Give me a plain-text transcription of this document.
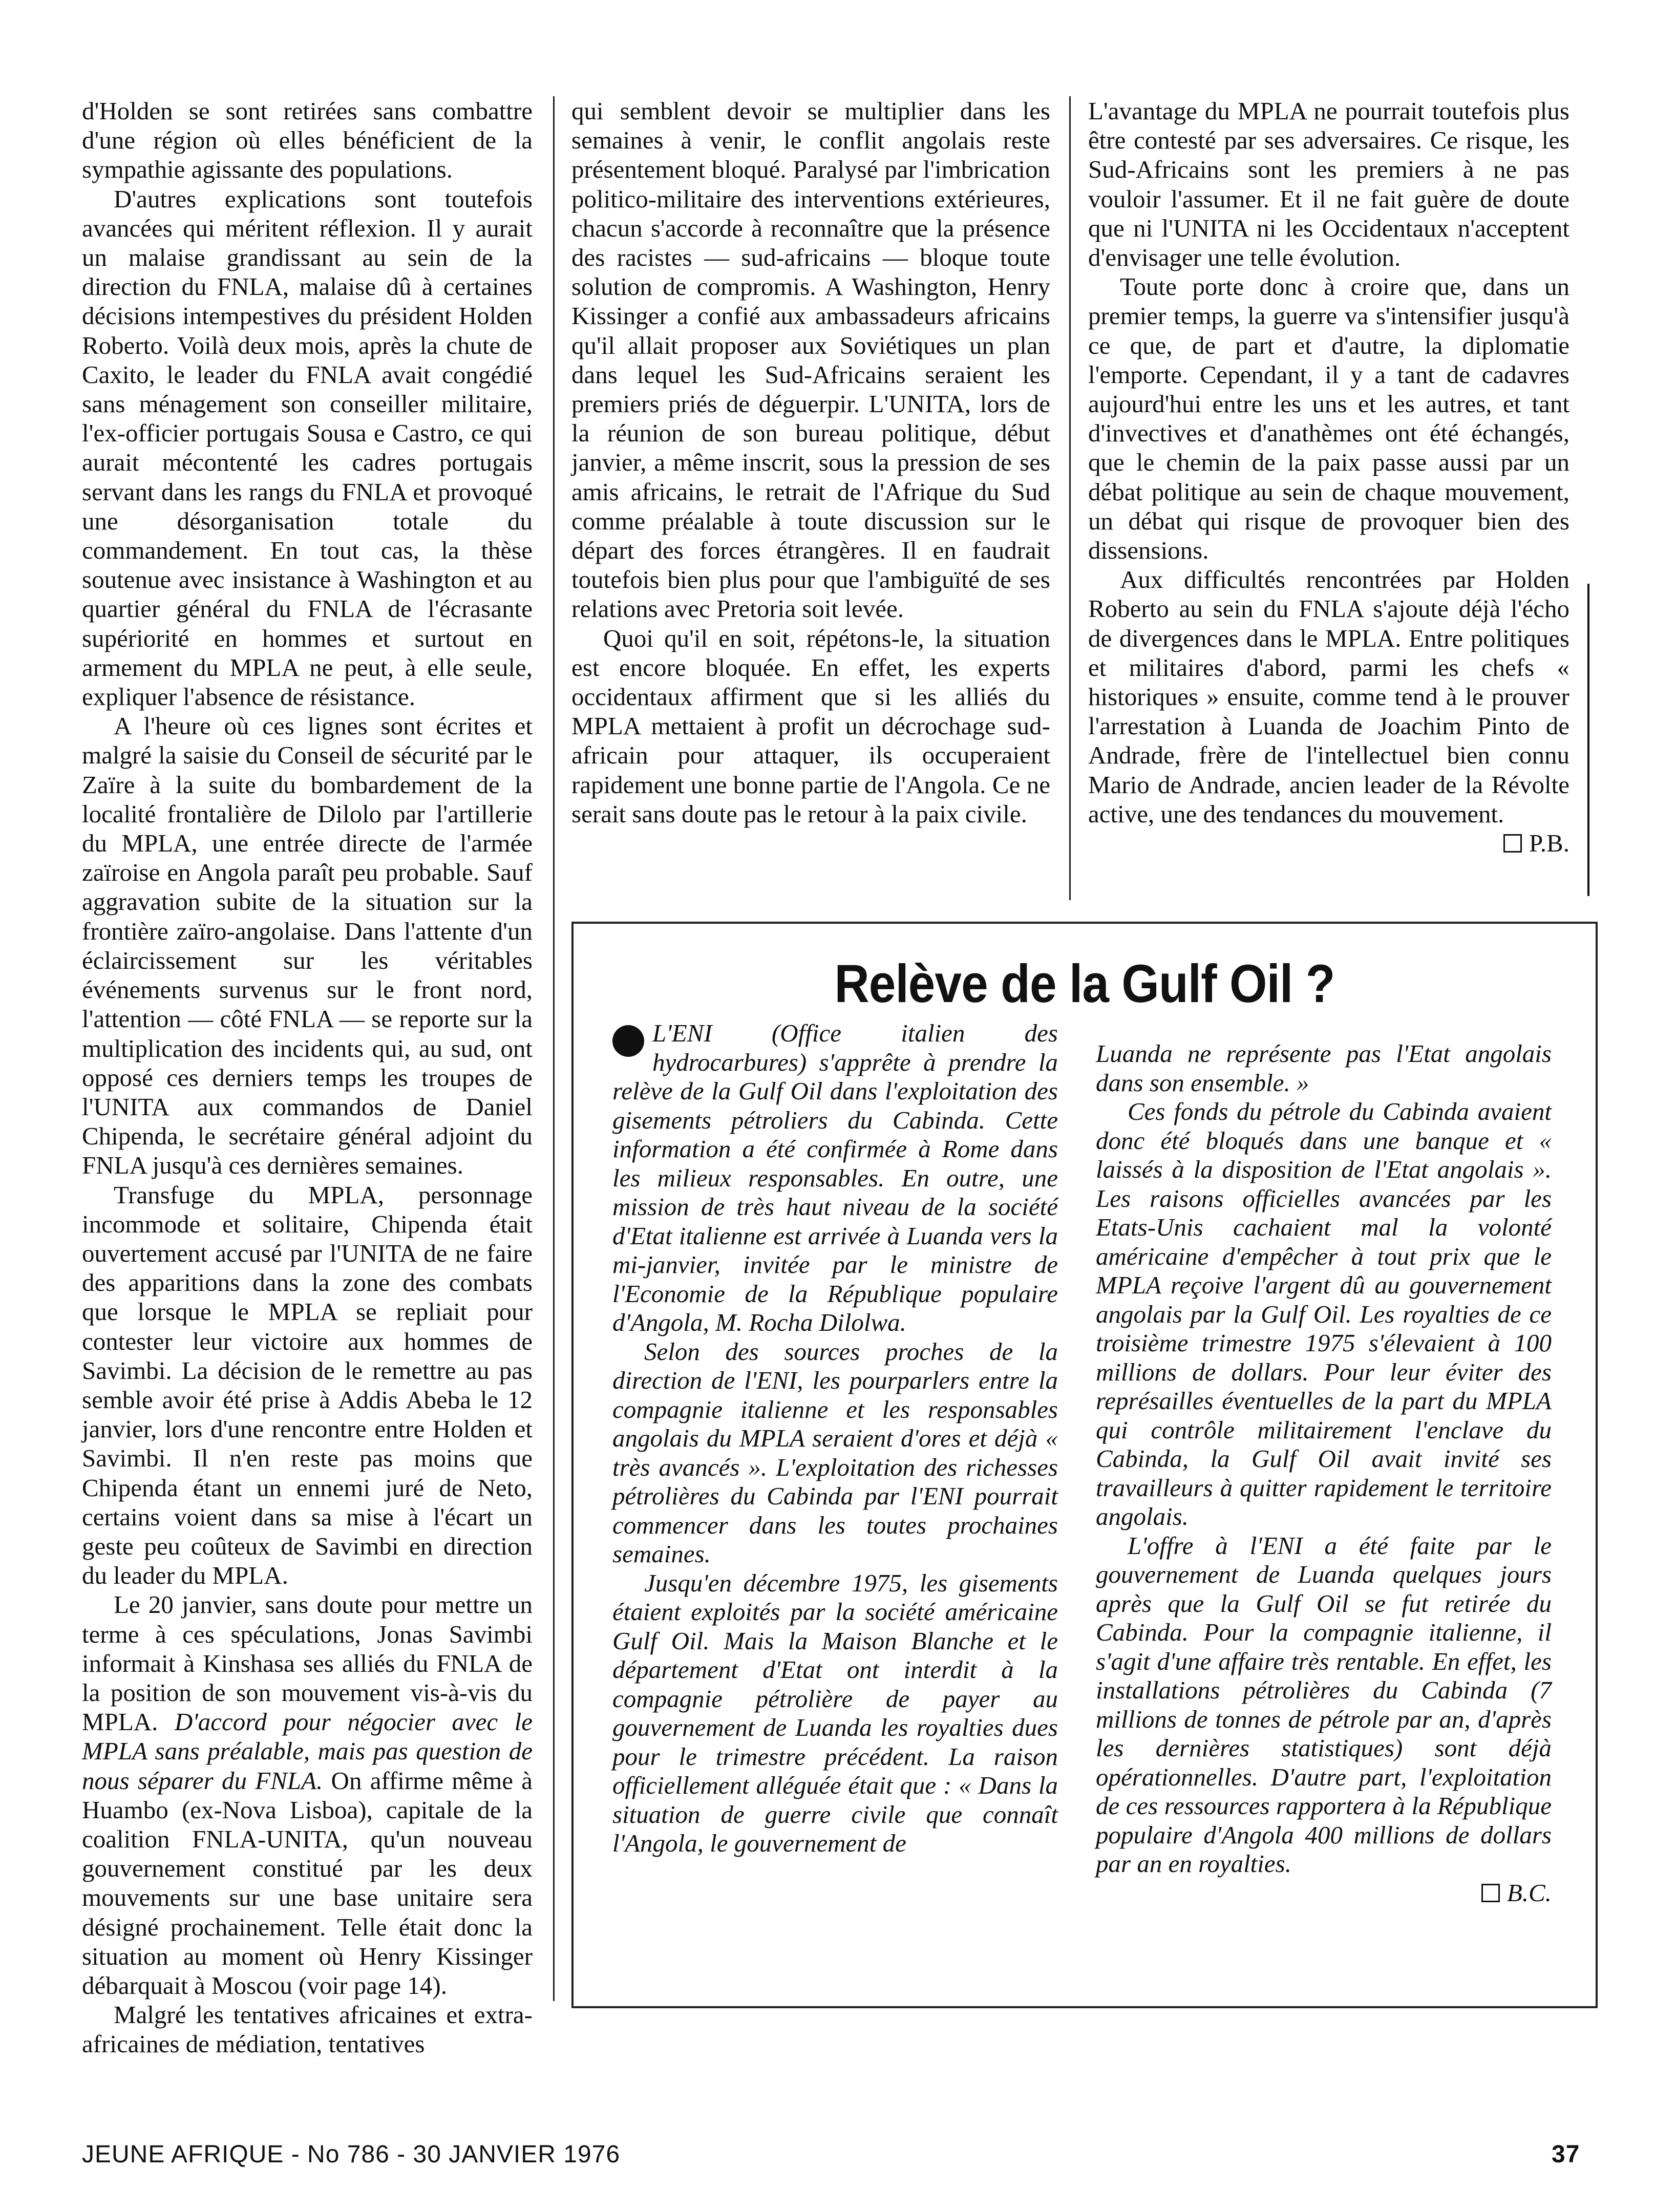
d'Holden se sont retirées sans combattre d'une région où elles bénéficient de la sympathie agissante des populations.

D'autres explications sont toutefois avancées qui méritent réflexion. Il y aurait un malaise grandissant au sein de la direction du FNLA, malaise dû à certaines décisions intempestives du président Holden Roberto. Voilà deux mois, après la chute de Caxito, le leader du FNLA avait congédié sans ménagement son conseiller militaire, l'ex-officier portugais Sousa e Castro, ce qui aurait mécontenté les cadres portugais servant dans les rangs du FNLA et provoqué une désorganisation totale du commandement. En tout cas, la thèse soutenue avec insistance à Washington et au quartier général du FNLA de l'écrasante supériorité en hommes et surtout en armement du MPLA ne peut, à elle seule, expliquer l'absence de résistance.

A l'heure où ces lignes sont écrites et malgré la saisie du Conseil de sécurité par le Zaïre à la suite du bombardement de la localité frontalière de Dilolo par l'artillerie du MPLA, une entrée directe de l'armée zaïroise en Angola paraît peu probable. Sauf aggravation subite de la situation sur la frontière zaïro-angolaise. Dans l'attente d'un éclaircissement sur les véritables événements survenus sur le front nord, l'attention — côté FNLA — se reporte sur la multiplication des incidents qui, au sud, ont opposé ces derniers temps les troupes de l'UNITA aux commandos de Daniel Chipenda, le secrétaire général adjoint du FNLA jusqu'à ces dernières semaines.

Transfuge du MPLA, personnage incommode et solitaire, Chipenda était ouvertement accusé par l'UNITA de ne faire des apparitions dans la zone des combats que lorsque le MPLA se repliait pour contester leur victoire aux hommes de Savimbi. La décision de le remettre au pas semble avoir été prise à Addis Abeba le 12 janvier, lors d'une rencontre entre Holden et Savimbi. Il n'en reste pas moins que Chipenda étant un ennemi juré de Neto, certains voient dans sa mise à l'écart un geste peu coûteux de Savimbi en direction du leader du MPLA.

Le 20 janvier, sans doute pour mettre un terme à ces spéculations, Jonas Savimbi informait à Kinshasa ses alliés du FNLA de la position de son mouvement vis-à-vis du MPLA. D'accord pour négocier avec le MPLA sans préalable, mais pas question de nous séparer du FNLA. On affirme même à Huambo (ex-Nova Lisboa), capitale de la coalition FNLA-UNITA, qu'un nouveau gouvernement constitué par les deux mouvements sur une base unitaire sera désigné prochainement. Telle était donc la situation au moment où Henry Kissinger débarquait à Moscou (voir page 14).

Malgré les tentatives africaines et extra-africaines de médiation, tentatives

qui semblent devoir se multiplier dans les semaines à venir, le conflit angolais reste présentement bloqué. Paralysé par l'imbrication politico-militaire des interventions extérieures, chacun s'accorde à reconnaître que la présence des racistes — sud-africains — bloque toute solution de compromis. A Washington, Henry Kissinger a confié aux ambassadeurs africains qu'il allait proposer aux Soviétiques un plan dans lequel les Sud-Africains seraient les premiers priés de déguerpir. L'UNITA, lors de la réunion de son bureau politique, début janvier, a même inscrit, sous la pression de ses amis africains, le retrait de l'Afrique du Sud comme préalable à toute discussion sur le départ des forces étrangères. Il en faudrait toutefois bien plus pour que l'ambiguïté de ses relations avec Pretoria soit levée.

Quoi qu'il en soit, répétons-le, la situation est encore bloquée. En effet, les experts occidentaux affirment que si les alliés du MPLA mettaient à profit un décrochage sud-africain pour attaquer, ils occuperaient rapidement une bonne partie de l'Angola. Ce ne serait sans doute pas le retour à la paix civile.

L'avantage du MPLA ne pourrait toutefois plus être contesté par ses adversaires. Ce risque, les Sud-Africains sont les premiers à ne pas vouloir l'assumer. Et il ne fait guère de doute que ni l'UNITA ni les Occidentaux n'acceptent d'envisager une telle évolution.

Toute porte donc à croire que, dans un premier temps, la guerre va s'intensifier jusqu'à ce que, de part et d'autre, la diplomatie l'emporte. Cependant, il y a tant de cadavres aujourd'hui entre les uns et les autres, et tant d'invectives et d'anathèmes ont été échangés, que le chemin de la paix passe aussi par un débat politique au sein de chaque mouvement, un débat qui risque de provoquer bien des dissensions.

Aux difficultés rencontrées par Holden Roberto au sein du FNLA s'ajoute déjà l'écho de divergences dans le MPLA. Entre politiques et militaires d'abord, parmi les chefs « historiques » ensuite, comme tend à le prouver l'arrestation à Luanda de Joachim Pinto de Andrade, frère de l'intellectuel bien connu Mario de Andrade, ancien leader de la Révolte active, une des tendances du mouvement.

P.B.

Relève de la Gulf Oil ?

L'ENI (Office italien des hydrocarbures) s'apprête à prendre la relève de la Gulf Oil dans l'exploitation des gisements pétroliers du Cabinda. Cette information a été confirmée à Rome dans les milieux responsables. En outre, une mission de très haut niveau de la société d'Etat italienne est arrivée à Luanda vers la mi-janvier, invitée par le ministre de l'Economie de la République populaire d'Angola, M. Rocha Dilolwa.

Selon des sources proches de la direction de l'ENI, les pourparlers entre la compagnie italienne et les responsables angolais du MPLA seraient d'ores et déjà « très avancés ». L'exploitation des richesses pétrolières du Cabinda par l'ENI pourrait commencer dans les toutes prochaines semaines.

Jusqu'en décembre 1975, les gisements étaient exploités par la société américaine Gulf Oil. Mais la Maison Blanche et le département d'Etat ont interdit à la compagnie pétrolière de payer au gouvernement de Luanda les royalties dues pour le trimestre précédent. La raison officiellement alléguée était que : « Dans la situation de guerre civile que connaît l'Angola, le gouvernement de

Luanda ne représente pas l'Etat angolais dans son ensemble. »

Ces fonds du pétrole du Cabinda avaient donc été bloqués dans une banque et « laissés à la disposition de l'Etat angolais ». Les raisons officielles avancées par les Etats-Unis cachaient mal la volonté américaine d'empêcher à tout prix que le MPLA reçoive l'argent dû au gouvernement angolais par la Gulf Oil. Les royalties de ce troisième trimestre 1975 s'élevaient à 100 millions de dollars. Pour leur éviter des représailles éventuelles de la part du MPLA qui contrôle militairement l'enclave du Cabinda, la Gulf Oil avait invité ses travailleurs à quitter rapidement le territoire angolais.

L'offre à l'ENI a été faite par le gouvernement de Luanda quelques jours après que la Gulf Oil se fut retirée du Cabinda. Pour la compagnie italienne, il s'agit d'une affaire très rentable. En effet, les installations pétrolières du Cabinda (7 millions de tonnes de pétrole par an, d'après les dernières statistiques) sont déjà opérationnelles. D'autre part, l'exploitation de ces ressources rapportera à la République populaire d'Angola 400 millions de dollars par an en royalties.

B.C.

JEUNE AFRIQUE - No 786 - 30 JANVIER 1976	37
